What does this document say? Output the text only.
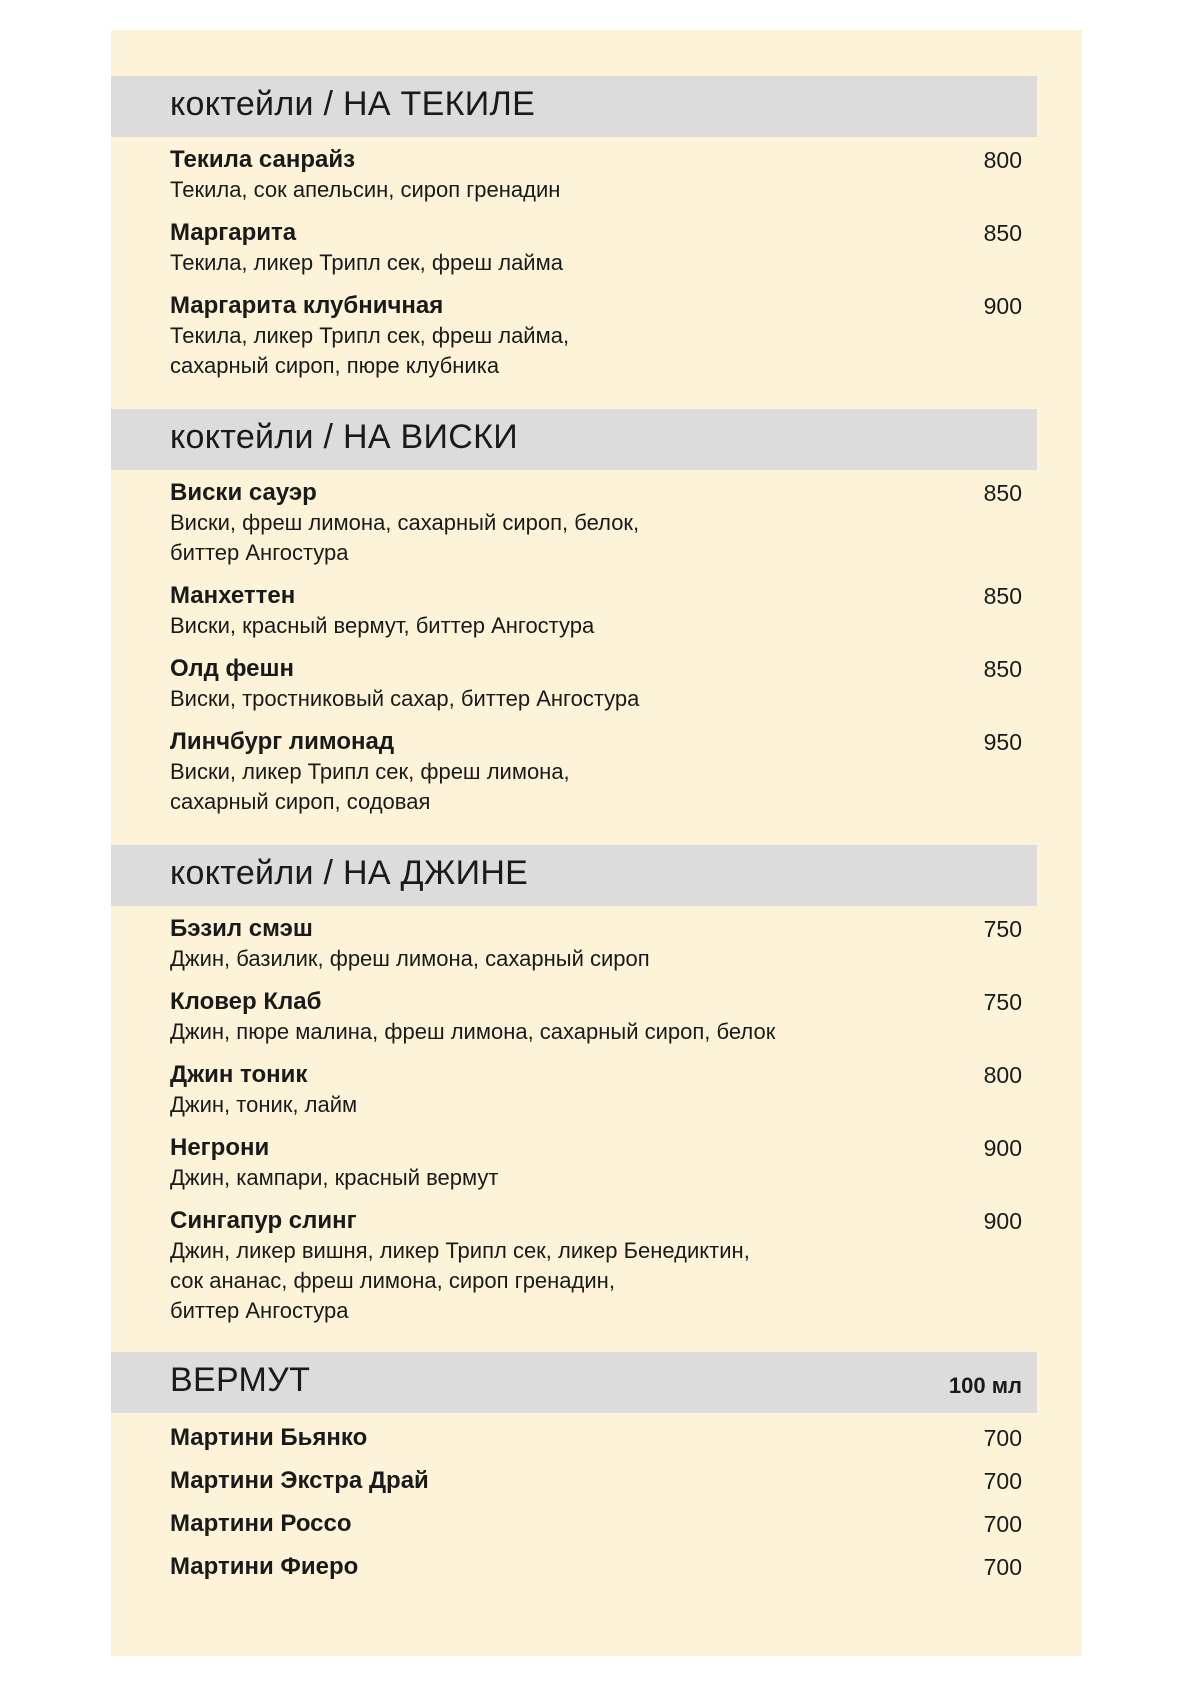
коктейли / НА ТЕКИЛЕ
Текила санрайз
Текила, сок апельсин, сироп гренадин
800
Маргарита
Текила, ликер Трипл сек, фреш лайма
850
Маргарита клубничная
Текила, ликер Трипл сек, фреш лайма,
сахарный сироп, пюре клубника
900
коктейли / НА ВИСКИ
Виски сауэр
Виски, фреш лимона, сахарный сироп, белок,
биттер Ангостура
850
Манхеттен
Виски, красный вермут, биттер Ангостура
850
Олд фешн
Виски, тростниковый сахар, биттер Ангостура
850
Линчбург лимонад
Виски, ликер Трипл сек, фреш лимона,
сахарный сироп, содовая
950
коктейли / НА ДЖИНЕ
Бэзил смэш
Джин, базилик, фреш лимона, сахарный сироп
750
Кловер Клаб
Джин, пюре малина, фреш лимона, сахарный сироп, белок
750
Джин тоник
Джин, тоник, лайм
800
Негрони
Джин, кампари, красный вермут
900
Сингапур слинг
Джин, ликер вишня, ликер Трипл сек, ликер Бенедиктин,
сок ананас, фреш лимона, сироп гренадин,
биттер Ангостура
900
ВЕРМУТ	100 мл
Мартини Бьянко	700
Мартини Экстра Драй	700
Мартини Россо	700
Мартини Фиеро	700
